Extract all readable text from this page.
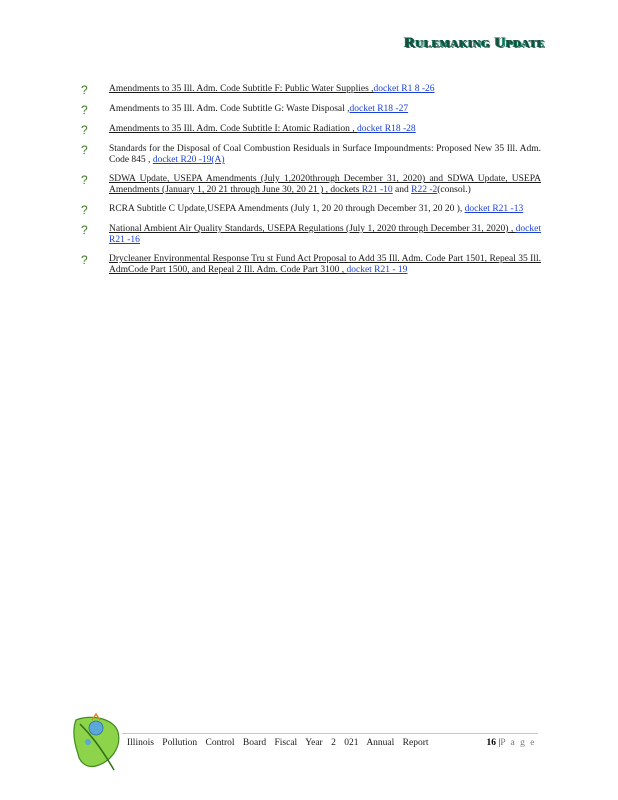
Rulemaking Update
?	Amendments to 35 Ill. Adm. Code Subtitle F: Public Water Supplies ,docket R1 8 -26
?	Amendments to 35 Ill. Adm. Code Subtitle G: Waste Disposal ,docket R18 -27
?	Amendments to 35 Ill. Adm. Code Subtitle I: Atomic Radiation , docket R18 -28
?	Standards for the Disposal of Coal Combustion Residuals in Surface Impoundments: Proposed New 35 Ill. Adm. Code 845 , docket R20 -19(A)
?	SDWA Update, USEPA Amendments (July 1,2020through December 31, 2020) and SDWA Update, USEPA Amendments (January 1, 20 21 through June 30, 20 21 ) , dockets R21 -10 and R22 -2(consol.)
?	RCRA Subtitle C Update,USEPA Amendments (July 1, 20 20 through December 31, 20 20 ), docket R21 -13
?	National Ambient Air Quality Standards, USEPA Regulations (July 1, 2020 through December 31, 2020) , docket R21 -16
?	Drycleaner Environmental Response Tru st Fund Act Proposal to Add 35 Ill. Adm. Code Part 1501, Repeal 35 Ill. AdmCode Part 1500, and Repeal 2 Ill. Adm. Code Part 3100 , docket R21 - 19
Illinois Pollution Control Board Fiscal Year 2 021 Annual Report	16 |P a g e
